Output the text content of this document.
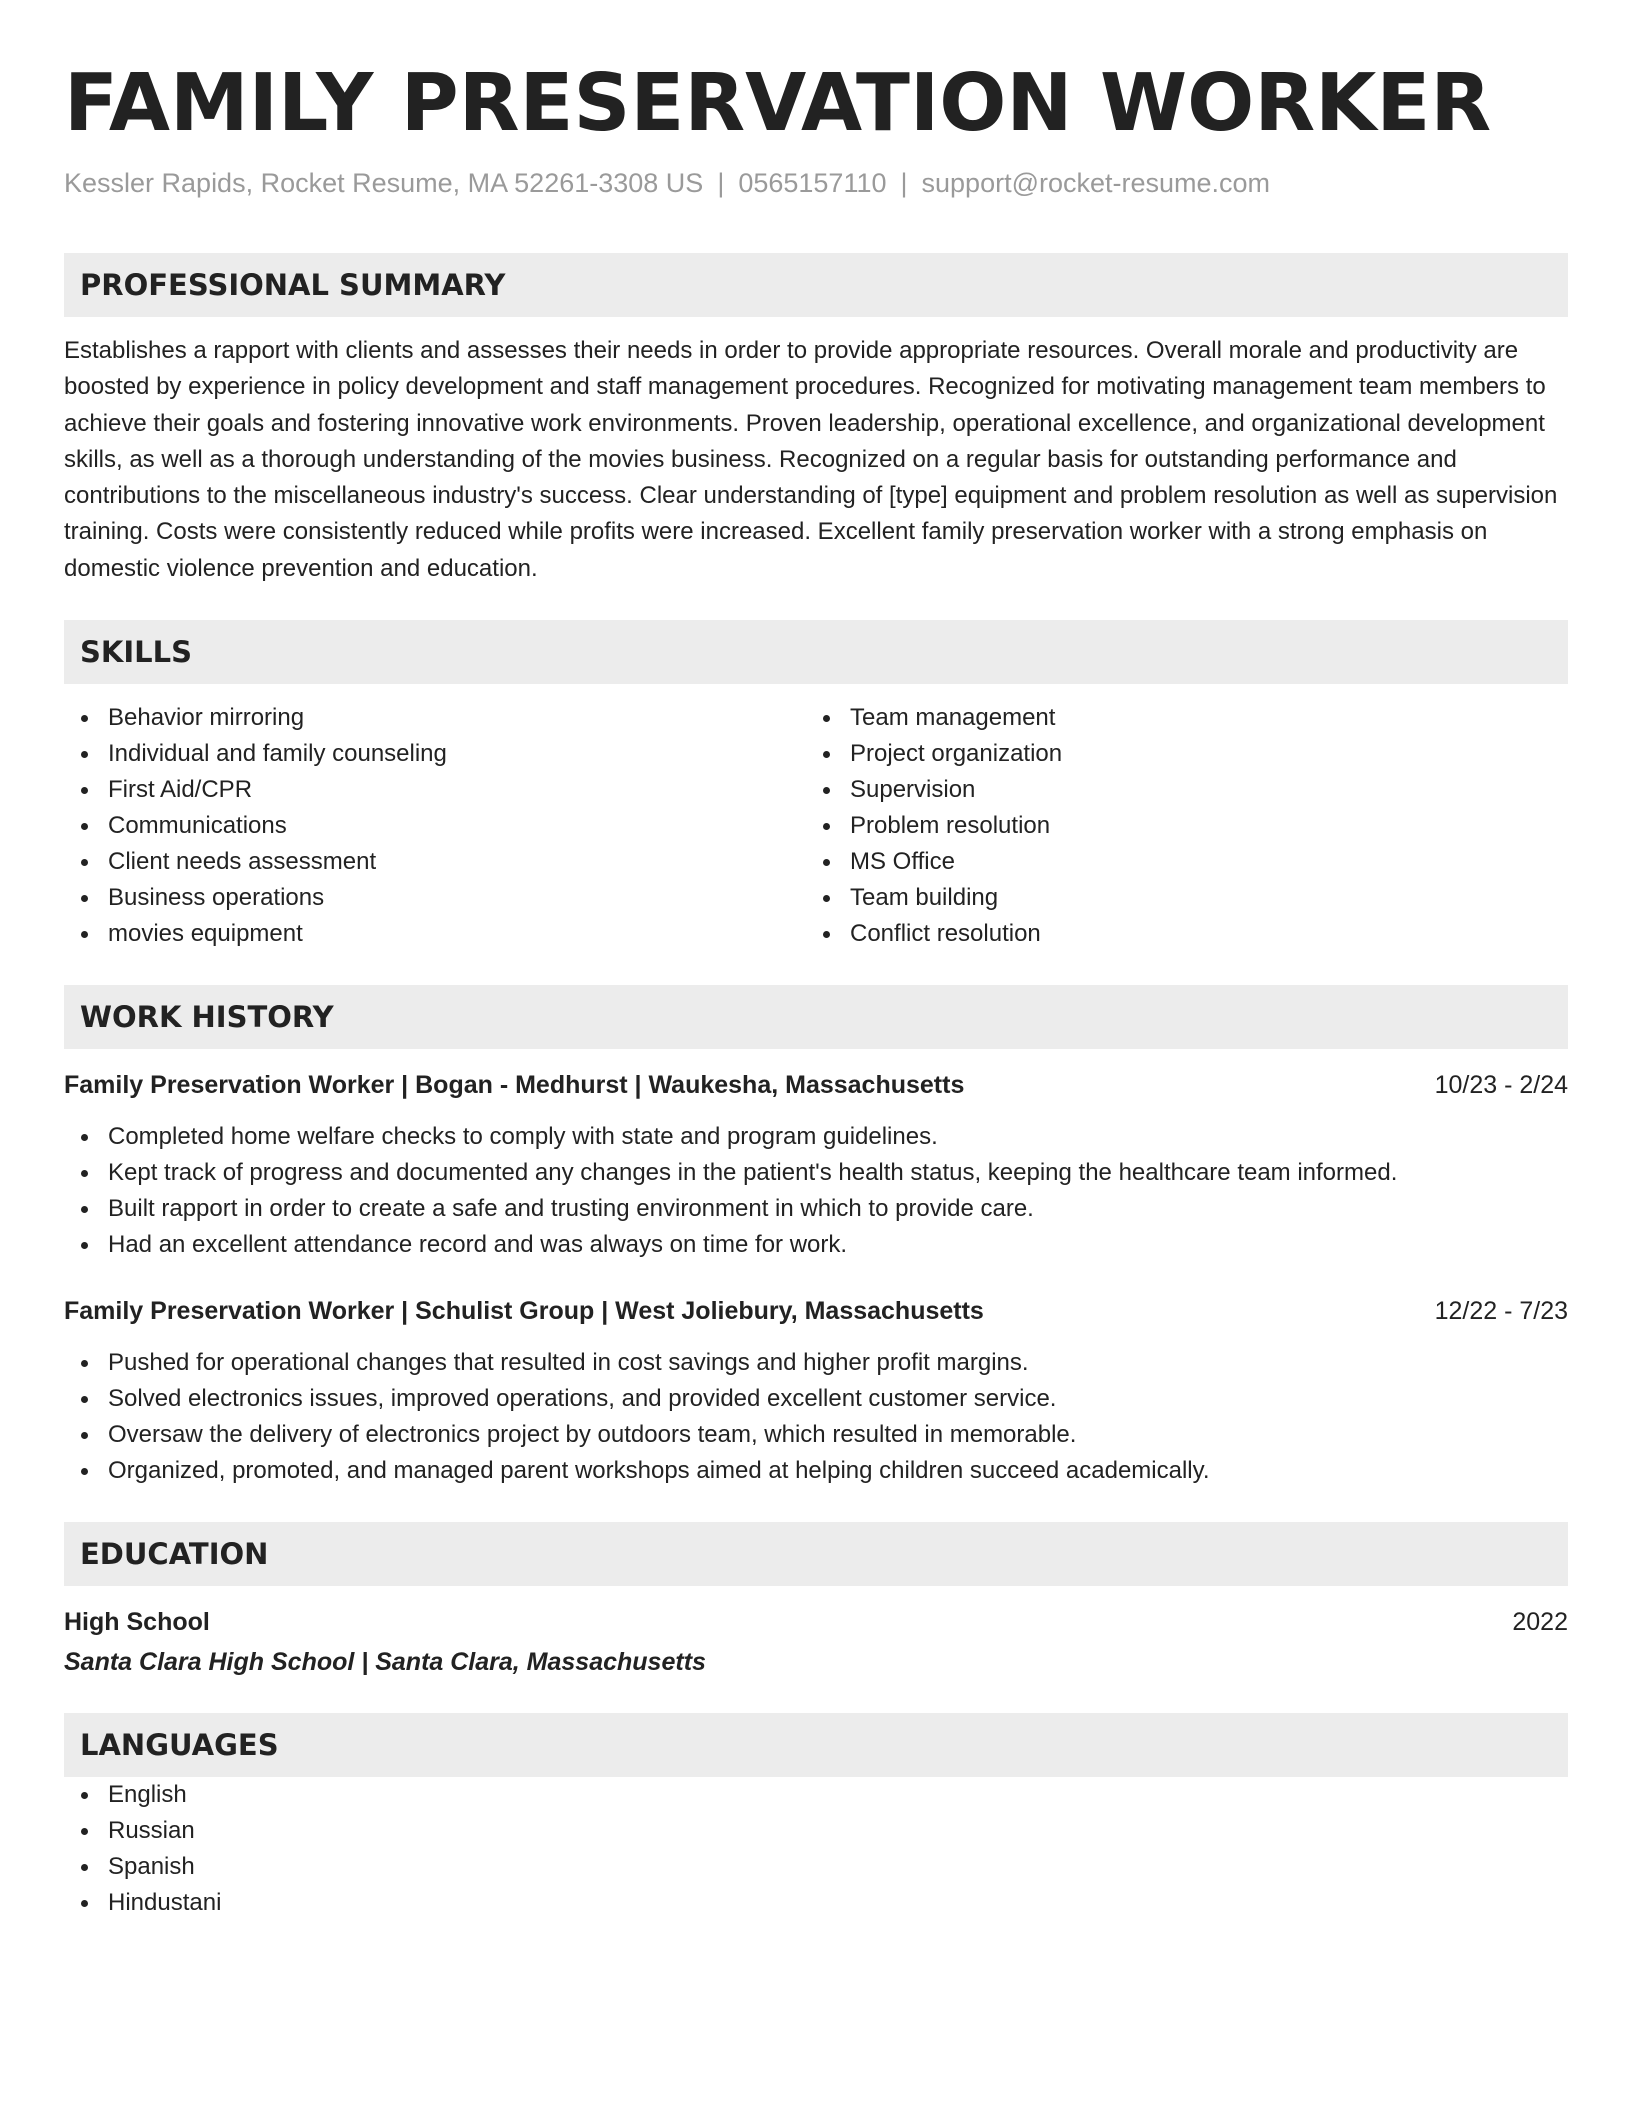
FAMILY PRESERVATION WORKER
Kessler Rapids, Rocket Resume, MA 52261-3308 US | 0565157110 | support@rocket-resume.com
PROFESSIONAL SUMMARY

Establishes a rapport with clients and assesses their needs in order to provide appropriate resources. Overall morale and productivity are boosted by experience in policy development and staff management procedures. Recognized for motivating management team members to achieve their goals and fostering innovative work environments. Proven leadership, operational excellence, and organizational development skills, as well as a thorough understanding of the movies business. Recognized on a regular basis for outstanding performance and contributions to the miscellaneous industry's success. Clear understanding of [type] equipment and problem resolution as well as supervision training. Costs were consistently reduced while profits were increased. Excellent family preservation worker with a strong emphasis on domestic violence prevention and education.

SKILLS
Behavior mirroring
Individual and family counseling
First Aid/CPR
Communications
Client needs assessment
Business operations
movies equipment
Team management
Project organization
Supervision
Problem resolution
MS Office
Team building
Conflict resolution
WORK HISTORY
Family Preservation Worker | Bogan - Medhurst | Waukesha, Massachusetts	10/23 - 2/24
Completed home welfare checks to comply with state and program guidelines.
Kept track of progress and documented any changes in the patient's health status, keeping the healthcare team informed.
Built rapport in order to create a safe and trusting environment in which to provide care.
Had an excellent attendance record and was always on time for work.
Family Preservation Worker | Schulist Group | West Joliebury, Massachusetts	12/22 - 7/23
Pushed for operational changes that resulted in cost savings and higher profit margins.
Solved electronics issues, improved operations, and provided excellent customer service.
Oversaw the delivery of electronics project by outdoors team, which resulted in memorable.
Organized, promoted, and managed parent workshops aimed at helping children succeed academically.
EDUCATION
High School	2022
Santa Clara High School | Santa Clara, Massachusetts
LANGUAGES
English
Russian
Spanish
Hindustani
